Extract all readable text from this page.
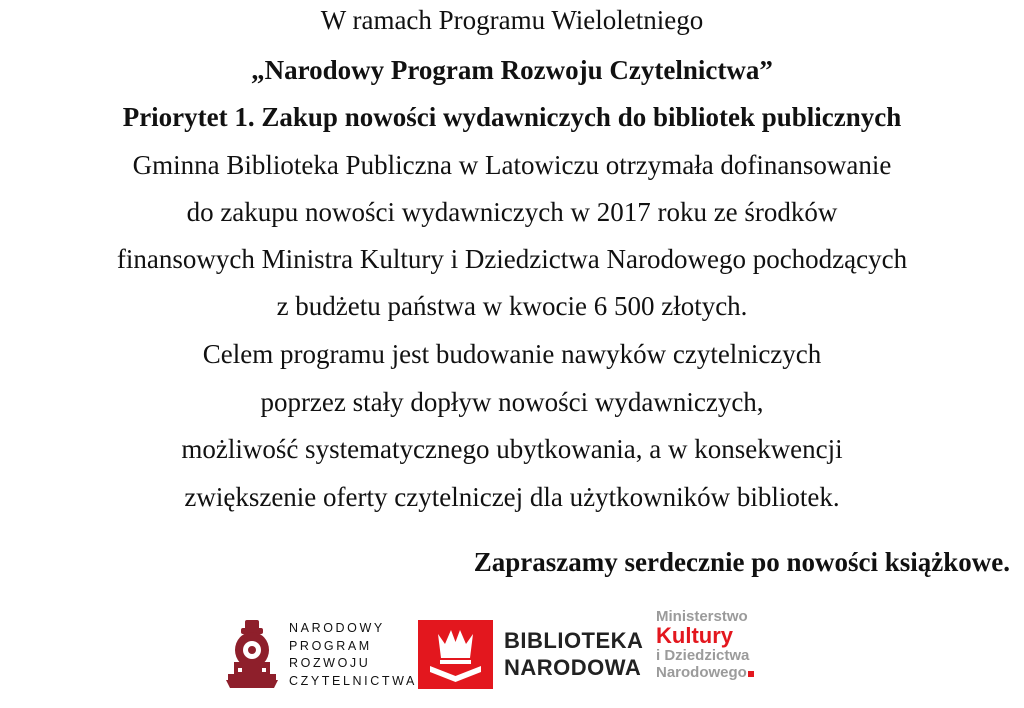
W ramach Programu Wieloletniego
„Narodowy Program Rozwoju Czytelnictwa”
Priorytet 1. Zakup nowości wydawniczych do bibliotek publicznych
Gminna Biblioteka Publiczna w Latowiczu otrzymała dofinansowanie
do zakupu nowości wydawniczych w 2017 roku ze środków
finansowych Ministra Kultury i Dziedzictwa Narodowego pochodzących
z budżetu państwa w kwocie 6 500 złotych.
Celem programu jest budowanie nawyków czytelniczych
poprzez stały dopływ nowości wydawniczych,
możliwość systematycznego ubytkowania, a w konsekwencji
zwiększenie oferty czytelniczej dla użytkowników bibliotek.
Zapraszamy serdecznie po nowości książkowe.
NARODOWY
PROGRAM
ROZWOJU
CZYTELNICTWA
BIBLIOTEKA
NARODOWA
Ministerstwo
Kultury
i Dziedzictwa
Narodowego
